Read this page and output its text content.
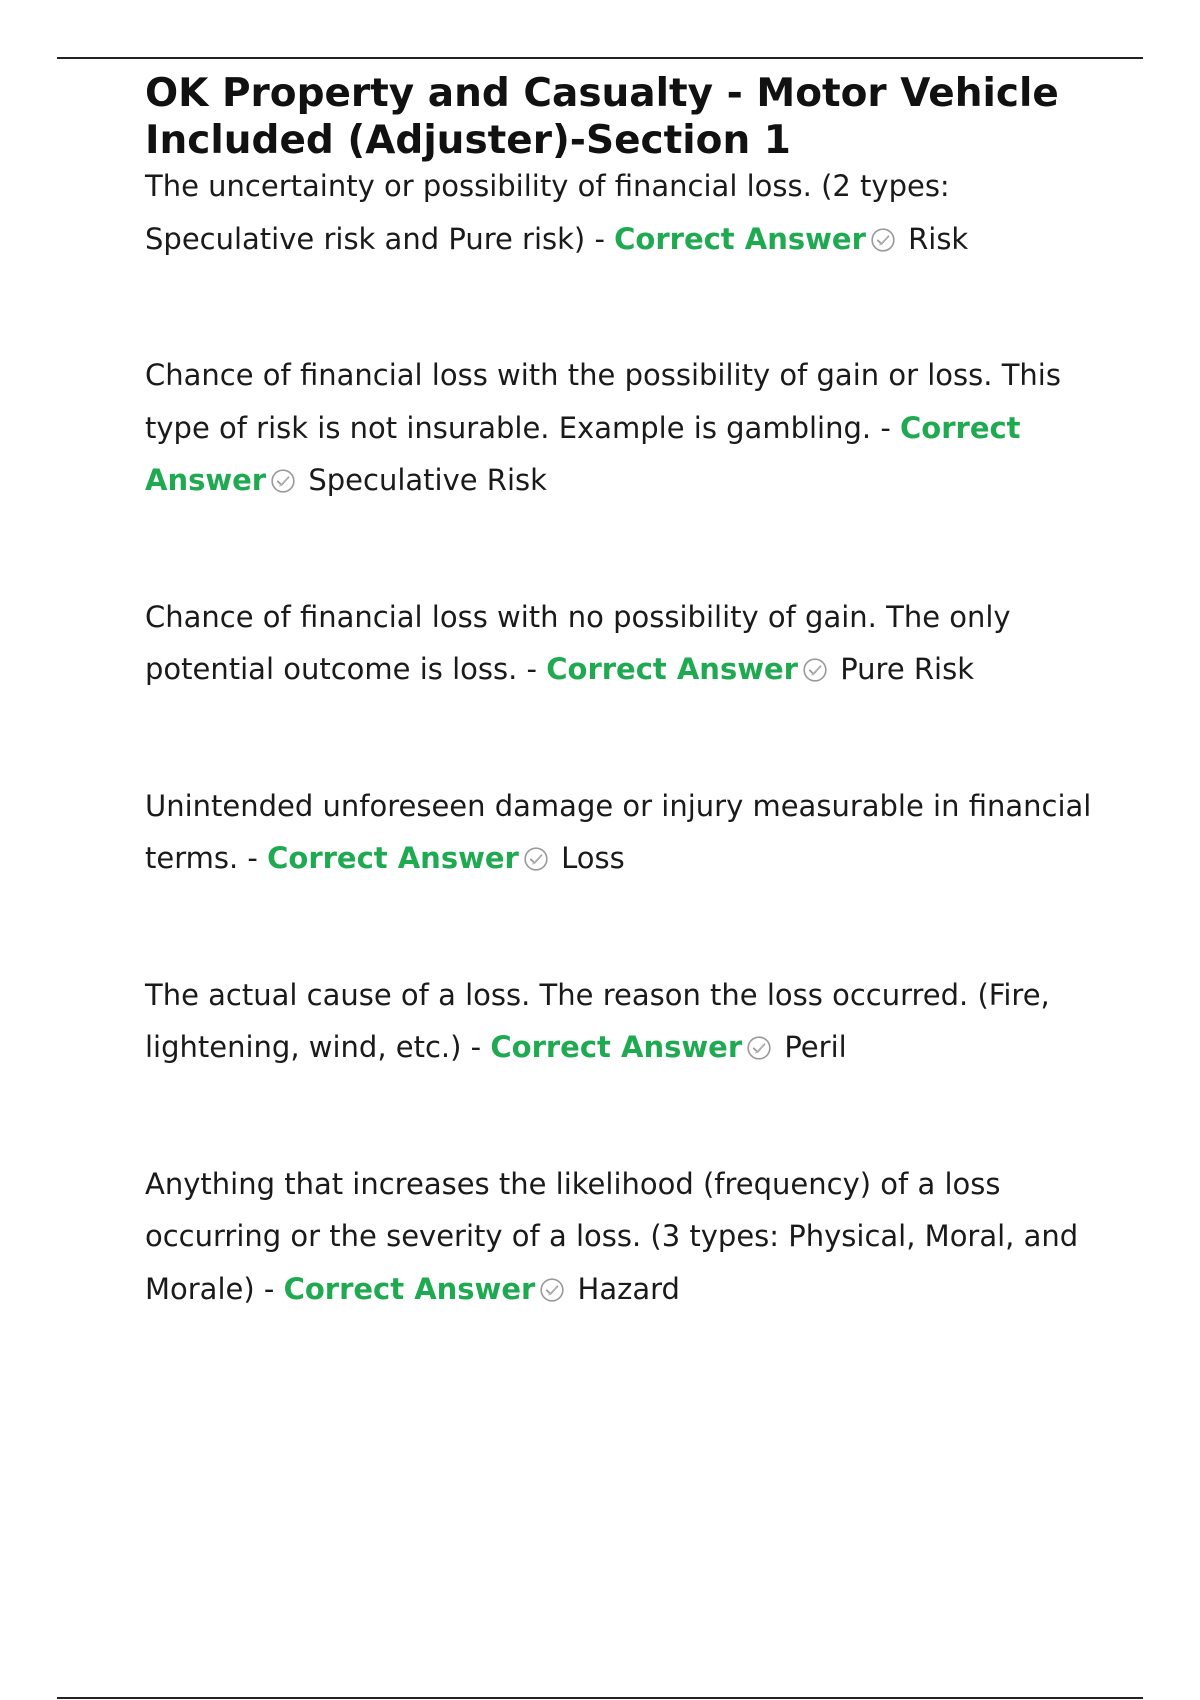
OK Property and Casualty - Motor Vehicle Included (Adjuster)-Section 1
The uncertainty or possibility of financial loss. (2 types: Speculative risk and Pure risk) - Correct Answer Risk
Chance of financial loss with the possibility of gain or loss. This type of risk is not insurable. Example is gambling. - Correct Answer Speculative Risk
Chance of financial loss with no possibility of gain. The only potential outcome is loss. - Correct Answer Pure Risk
Unintended unforeseen damage or injury measurable in financial terms. - Correct Answer Loss
The actual cause of a loss. The reason the loss occurred. (Fire, lightening, wind, etc.) - Correct Answer Peril
Anything that increases the likelihood (frequency) of a loss occurring or the severity of a loss. (3 types: Physical, Moral, and Morale) - Correct Answer Hazard
